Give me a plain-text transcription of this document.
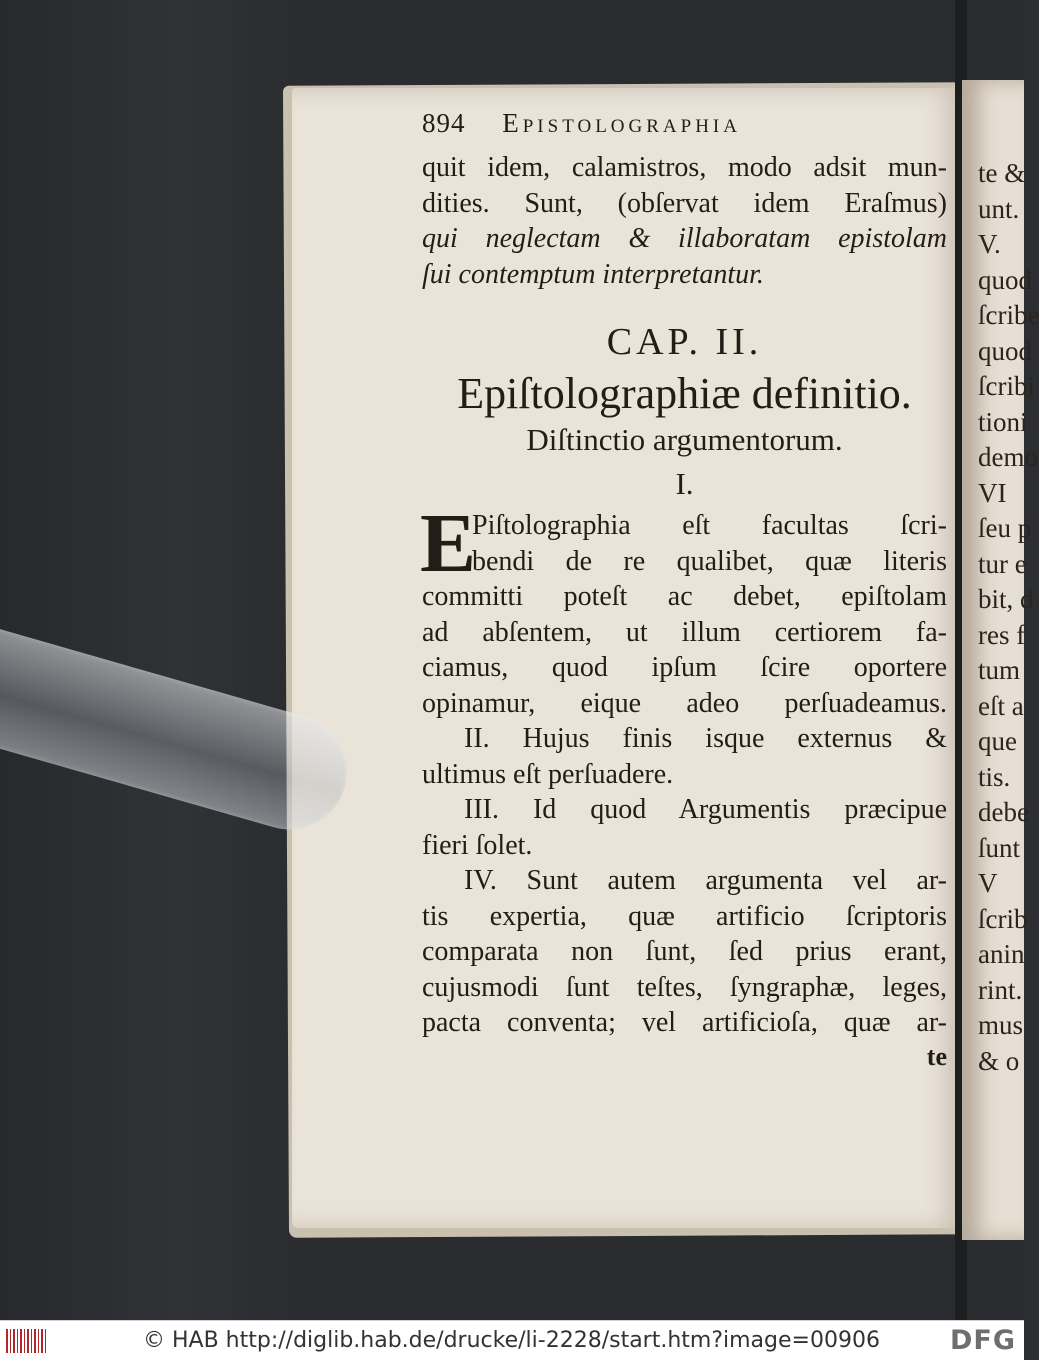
te &
unt.
V.
quod
ſcribe
quod
ſcribi
tioni
demo
VI
ſeu p
tur e
bit, d
res f
tum
eſt a
que
tis.
debe
ſunt
V
ſcrib
anin
rint.
mus
& o
894 Epistolographia
quit idem, calamistros, modo adsit mun-
dities. Sunt, (obſervat idem Eraſmus)
qui neglectam & illaboratam epistolam
ſui contemptum interpretantur.
CAP. II.
Epiſtolographiæ definitio.
Diſtinctio argumentorum.
I.
E
Piſtolographia eſt facultas ſcri-
bendi de re qualibet, quæ literis
committi poteſt ac debet, epiſtolam
ad abſentem, ut illum certiorem fa-
ciamus, quod ipſum ſcire oportere
opinamur, eique adeo perſuadeamus.
II. Hujus finis isque externus &
ultimus eſt perſuadere.
III. Id quod Argumentis præcipue
fieri ſolet.
IV. Sunt autem argumenta vel ar-
tis expertia, quæ artificio ſcriptoris
comparata non ſunt, ſed prius erant,
cujusmodi ſunt teſtes, ſyngraphæ, leges,
pacta conventa; vel artificioſa, quæ ar-
te
© HAB http://diglib.hab.de/drucke/li-2228/start.htm?image=00906	DFG
